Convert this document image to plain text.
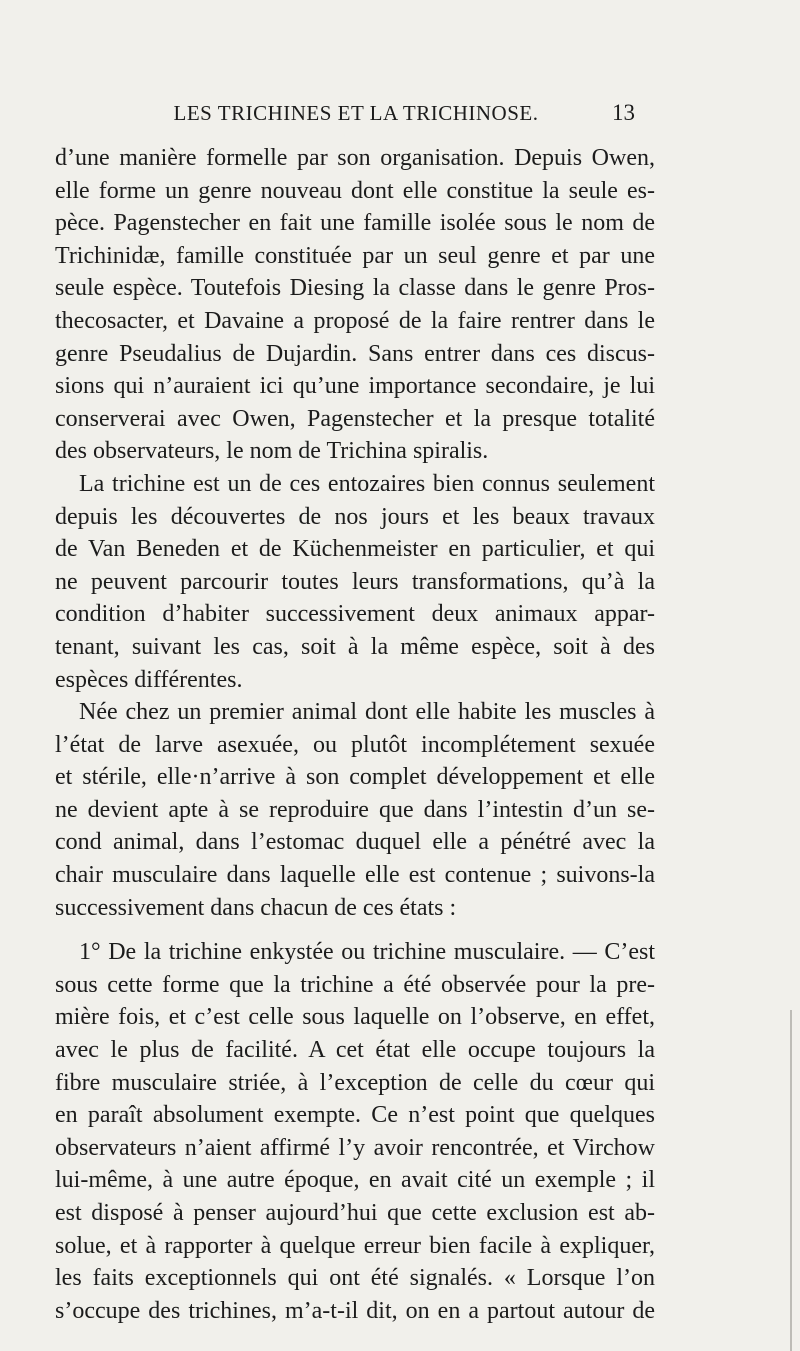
LES TRICHINES ET LA TRICHINOSE.	13

d’une manière formelle par son organisation. Depuis Owen,

elle forme un genre nouveau dont elle constitue la seule es-

pèce. Pagenstecher en fait une famille isolée sous le nom de

Trichinidæ, famille constituée par un seul genre et par une

seule espèce. Toutefois Diesing la classe dans le genre Pros-

thecosacter, et Davaine a proposé de la faire rentrer dans le

genre Pseudalius de Dujardin. Sans entrer dans ces discus-

sions qui n’auraient ici qu’une importance secondaire, je lui

conserverai avec Owen, Pagenstecher et la presque totalité

des observateurs, le nom de Trichina spiralis.

La trichine est un de ces entozaires bien connus seulement

depuis les découvertes de nos jours et les beaux travaux

de Van Beneden et de Küchenmeister en particulier, et qui

ne peuvent parcourir toutes leurs transformations, qu’à la

condition d’habiter successivement deux animaux appar-

tenant, suivant les cas, soit à la même espèce, soit à des

espèces différentes.

Née chez un premier animal dont elle habite les muscles à

l’état de larve asexuée, ou plutôt incomplétement sexuée

et stérile, elle·n’arrive à son complet développement et elle

ne devient apte à se reproduire que dans l’intestin d’un se-

cond animal, dans l’estomac duquel elle a pénétré avec la

chair musculaire dans laquelle elle est contenue ; suivons-la

successivement dans chacun de ces états :

1° De la trichine enkystée ou trichine musculaire. — C’est

sous cette forme que la trichine a été observée pour la pre-

mière fois, et c’est celle sous laquelle on l’observe, en effet,

avec le plus de facilité. A cet état elle occupe toujours la

fibre musculaire striée, à l’exception de celle du cœur qui

en paraît absolument exempte. Ce n’est point que quelques

observateurs n’aient affirmé l’y avoir rencontrée, et Virchow

lui-même, à une autre époque, en avait cité un exemple ; il

est disposé à penser aujourd’hui que cette exclusion est ab-

solue, et à rapporter à quelque erreur bien facile à expliquer,

les faits exceptionnels qui ont été signalés. « Lorsque l’on

s’occupe des trichines, m’a-t-il dit, on en a partout autour de
